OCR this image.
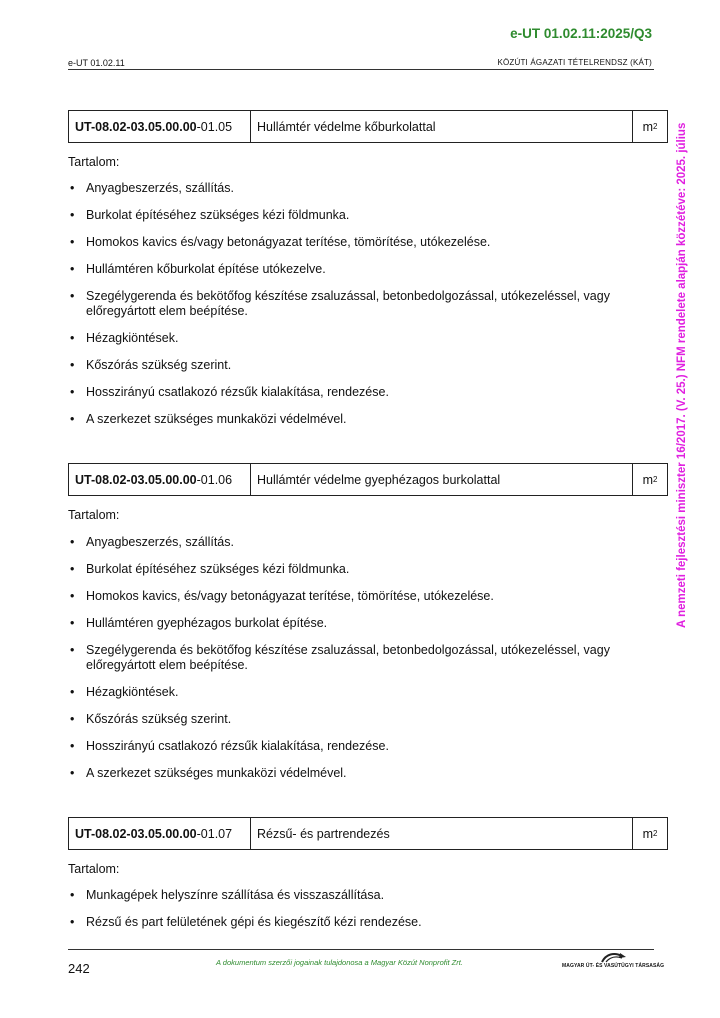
e-UT 01.02.11:2025/Q3
e-UT 01.02.11	KÖZÚTI ÁGAZATI TÉTELRENDSZ (KÁT)
A nemzeti fejlesztési miniszter 16/2017. (V. 25.) NFM rendelete alapján közzétéve: 2025. július
UT-08.02-03.05.00.00 -01.05	Hullámtér védelme kőburkolattal	m 2
Tartalom:
• Anyagbeszerzés, szállítás.
• Burkolat építéséhez szükséges kézi földmunka.
• Homokos kavics és/vagy betonágyazat terítése, tömörítése, utókezelése.
• Hullámtéren kőburkolat építése utókezelve.
• Szegélygerenda és bekötőfog készítése zsaluzással, betonbedolgozással, utókezeléssel, vagy előregyártott elem beépítése.
• Hézagkiöntések.
• Kőszórás szükség szerint.
• Hosszirányú csatlakozó rézsűk kialakítása, rendezése.
• A szerkezet szükséges munkaközi védelmével.
UT-08.02-03.05.00.00 -01.06	Hullámtér védelme gyephézagos burkolattal	m 2
Tartalom:
• Anyagbeszerzés, szállítás.
• Burkolat építéséhez szükséges kézi földmunka.
• Homokos kavics, és/vagy betonágyazat terítése, tömörítése, utókezelése.
• Hullámtéren gyephézagos burkolat építése.
• Szegélygerenda és bekötőfog készítése zsaluzással, betonbedolgozással, utókezeléssel, vagy előregyártott elem beépítése.
• Hézagkiöntések.
• Kőszórás szükség szerint.
• Hosszirányú csatlakozó rézsűk kialakítása, rendezése.
• A szerkezet szükséges munkaközi védelmével.
UT-08.02-03.05.00.00 -01.07	Rézsű- és partrendezés	m 2
Tartalom:
• Munkagépek helyszínre szállítása és visszaszállítása.
• Rézsű és part felületének gépi és kiegészítő kézi rendezése.
242	A dokumentum szerzői jogainak tulajdonosa a Magyar Közút Nonprofit Zrt.	MAGYAR ÚT- ÉS VASÚTÜGYI TÁRSASÁG
